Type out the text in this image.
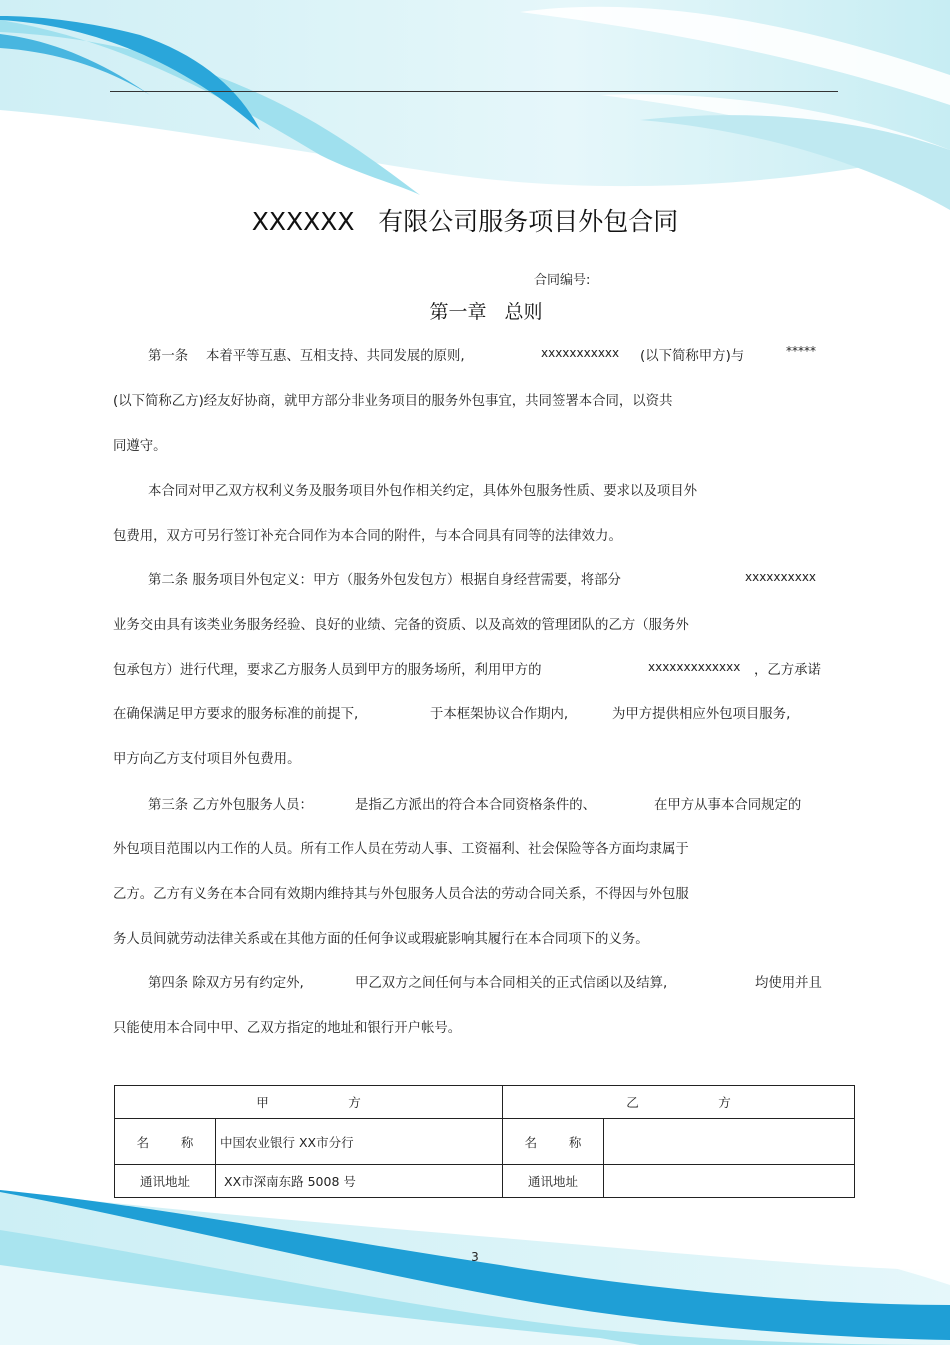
XXXXXX   有限公司服务项目外包合同
合同编号:
第一章   总则
第一条 本着平等互惠、互相支持、共同发展的原则,	xxxxxxxxxxx (以下简称甲方)与	*****
(以下简称乙方)经友好协商，就甲方部分非业务项目的服务外包事宜，共同签署本合同，以资共
同遵守。
本合同对甲乙双方权利义务及服务项目外包作相关约定，具体外包服务性质、要求以及项目外
包费用，双方可另行签订补充合同作为本合同的附件，与本合同具有同等的法律效力。
第二条 服务项目外包定义：甲方（服务外包发包方）根据自身经营需要，将部分	xxxxxxxxxx
业务交由具有该类业务服务经验、良好的业绩、完备的资质、以及高效的管理团队的乙方（服务外
包承包方）进行代理，要求乙方服务人员到甲方的服务场所，利用甲方的	xxxxxxxxxxxxx ，乙方承诺
在确保满足甲方要求的服务标准的前提下,	于本框架协议合作期内,	为甲方提供相应外包项目服务,
甲方向乙方支付项目外包费用。
第三条 乙方外包服务人员：	是指乙方派出的符合本合同资格条件的、	在甲方从事本合同规定的
外包项目范围以内工作的人员。所有工作人员在劳动人事、工资福利、社会保险等各方面均隶属于
乙方。乙方有义务在本合同有效期内维持其与外包服务人员合法的劳动合同关系，不得因与外包服
务人员间就劳动法律关系或在其他方面的任何争议或瑕疵影响其履行在本合同项下的义务。
第四条 除双方另有约定外,	甲乙双方之间任何与本合同相关的正式信函以及结算,	均使用并且
只能使用本合同中甲、乙双方指定的地址和银行开户帐号。
甲                    方		乙                    方	
名        称	中国农业银行 XX市分行	名        称	
通讯地址	XX市深南东路 5008 号	通讯地址	
3
